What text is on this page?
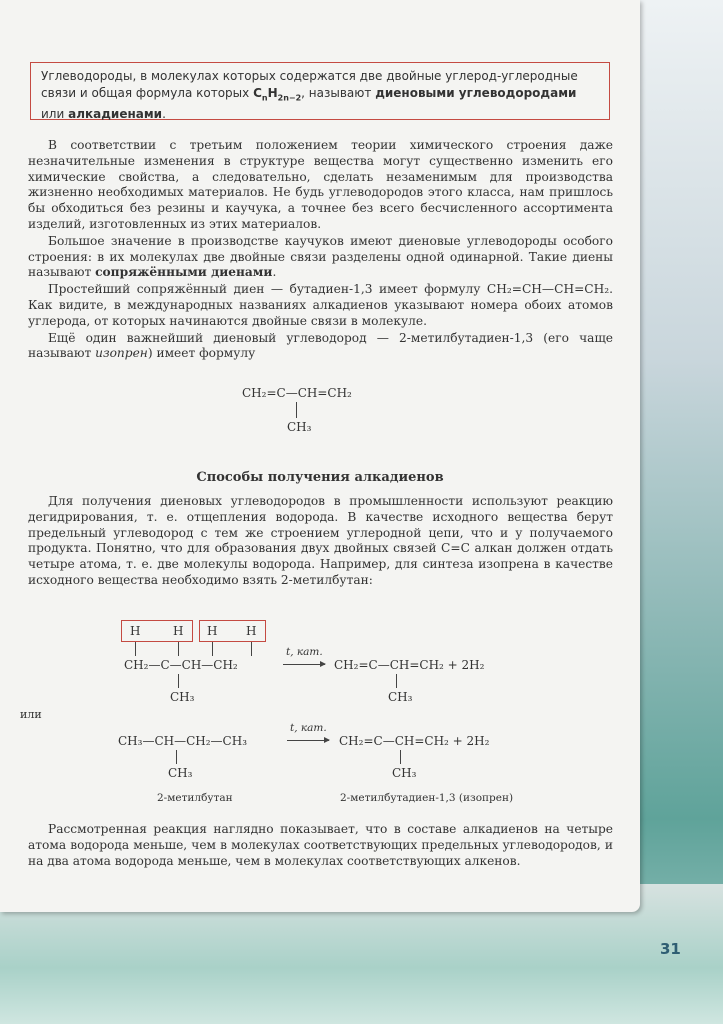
Углеводороды, в молекулах которых содержатся две двойные углерод-углеродные связи и общая формула которых $C_nH_{2n-2}$, называют диеновыми углеводородами или алкадиенами.

В соответствии с третьим положением теории химического строения даже незначительные изменения в структуре вещества могут существенно изменить его химические свойства, а следовательно, сделать незаменимым для производства жизненно необходимых материалов. Не будь углеводородов этого класса, нам пришлось бы обходиться без резины и каучука, а точнее без всего бесчисленного ассортимента изделий, изготовленных из этих материалов.

Большое значение в производстве каучуков имеют диеновые углеводороды особого строения: в их молекулах две двойные связи разделены одной одинарной. Такие диены называют сопряжёнными диенами.

Простейший сопряжённый диен — бутадиен-1,3 имеет формулу CH₂=CH—CH=CH₂. Как видите, в международных названиях алкадиенов указывают номера обоих атомов углерода, от которых начинаются двойные связи в молекуле.

Ещё один важнейший диеновый углеводород — 2-метилбутадиен-1,3 (его чаще называют изопрен) имеет формулу

CH₂=C—CH=CH₂
CH₃
Способы получения алкадиенов

Для получения диеновых углеводородов в промышленности используют реакцию дегидрирования, т. е. отщепления водорода. В качестве исходного вещества берут предельный углеводород с тем же строением углеродной цепи, что и у получаемого продукта. Понятно, что для образования двух двойных связей С=С алкан должен отдать четыре атома, т. е. две молекулы водорода. Например, для синтеза изопрена в качестве исходного вещества необходимо взять 2-метилбутан:

H	H H H
CH₂—C—CH—CH₂
CH₃
t, кат.
CH₂=C—CH=CH₂ + 2H₂
CH₃
или
CH₃—CH—CH₂—CH₃
CH₃
t, кат.
CH₂=C—CH=CH₂ + 2H₂
CH₃
2-метилбутан	2-метилбутадиен-1,3 (изопрен)

Рассмотренная реакция наглядно показывает, что в составе алкадиенов на четыре атома водорода меньше, чем в молекулах соответствующих предельных углеводородов, и на два атома водорода меньше, чем в молекулах соответствующих алкенов.

31
